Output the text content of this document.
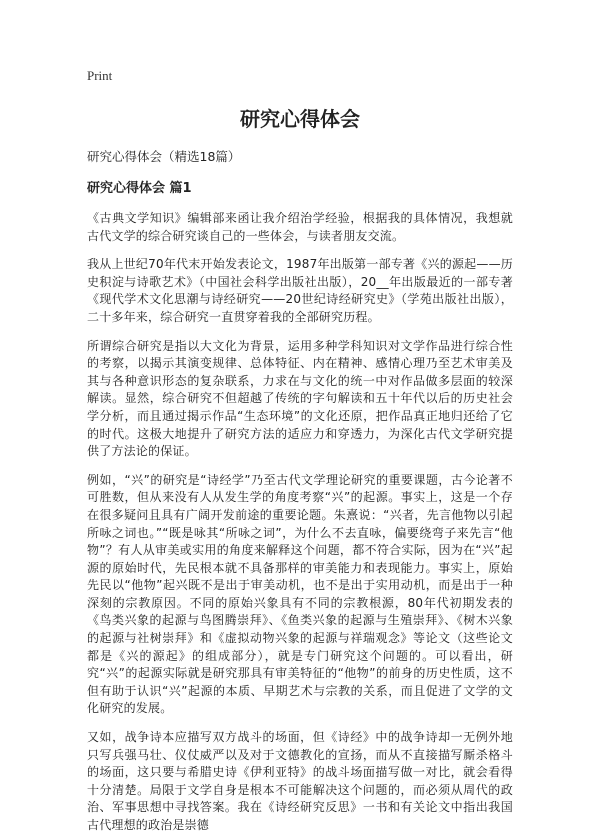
Print
研究心得体会
研究心得体会（精选18篇）
研究心得体会 篇1

《古典文学知识》编辑部来函让我介绍治学经验，根据我的具体情况，我想就古代文学的综合研究谈自己的一些体会，与读者朋友交流。

我从上世纪70年代末开始发表论文，1987年出版第一部专著《兴的源起——历史积淀与诗歌艺术》（中国社会科学出版社出版），20__年出版最近的一部专著《现代学术文化思潮与诗经研究——20世纪诗经研究史》（学苑出版社出版），二十多年来，综合研究一直贯穿着我的全部研究历程。

所谓综合研究是指以大文化为背景，运用多种学科知识对文学作品进行综合性的考察，以揭示其演变规律、总体特征、内在精神、感情心理乃至艺术审美及其与各种意识形态的复杂联系，力求在与文化的统一中对作品做多层面的较深解读。显然，综合研究不但超越了传统的字句解读和五十年代以后的历史社会学分析，而且通过揭示作品“生态环境”的文化还原，把作品真正地归还给了它的时代。这极大地提升了研究方法的适应力和穿透力，为深化古代文学研究提供了方法论的保证。

例如，“兴”的研究是“诗经学”乃至古代文学理论研究的重要课题，古今论著不可胜数，但从来没有人从发生学的角度考察“兴”的起源。事实上，这是一个存在很多疑问且具有广阔开发前途的重要论题。朱熹说：“兴者，先言他物以引起所咏之词也。”“既是咏其“所咏之词”，为什么不去直咏，偏要绕弯子来先言“他物”？有人从审美或实用的角度来解释这个问题，都不符合实际，因为在“兴”起源的原始时代，先民根本就不具备那样的审美能力和表现能力。事实上，原始先民以“他物”起兴既不是出于审美动机，也不是出于实用动机，而是出于一种深刻的宗教原因。不同的原始兴象具有不同的宗教根源，80年代初期发表的《鸟类兴象的起源与鸟图腾崇拜》、《鱼类兴象的起源与生殖崇拜》、《树木兴象的起源与社树崇拜》和《虚拟动物兴象的起源与祥瑞观念》等论文（这些论文都是《兴的源起》的组成部分），就是专门研究这个问题的。可以看出，研究“兴”的起源实际就是研究那具有审美特征的“他物”的前身的历史性质，这不但有助于认识“兴”起源的本质、早期艺术与宗教的关系，而且促进了文学的文化研究的发展。

又如，战争诗本应描写双方战斗的场面，但《诗经》中的战争诗却一无例外地只写兵强马壮、仪仗威严以及对于文德教化的宣扬，而从不直接描写厮杀格斗的场面，这只要与希腊史诗《伊利亚特》的战斗场面描写做一对比，就会看得十分清楚。局限于文学自身是根本不可能解决这个问题的，而必须从周代的政治、军事思想中寻找答案。我在《诗经研究反思》一书和有关论文中指出我国古代理想的政治是崇德
